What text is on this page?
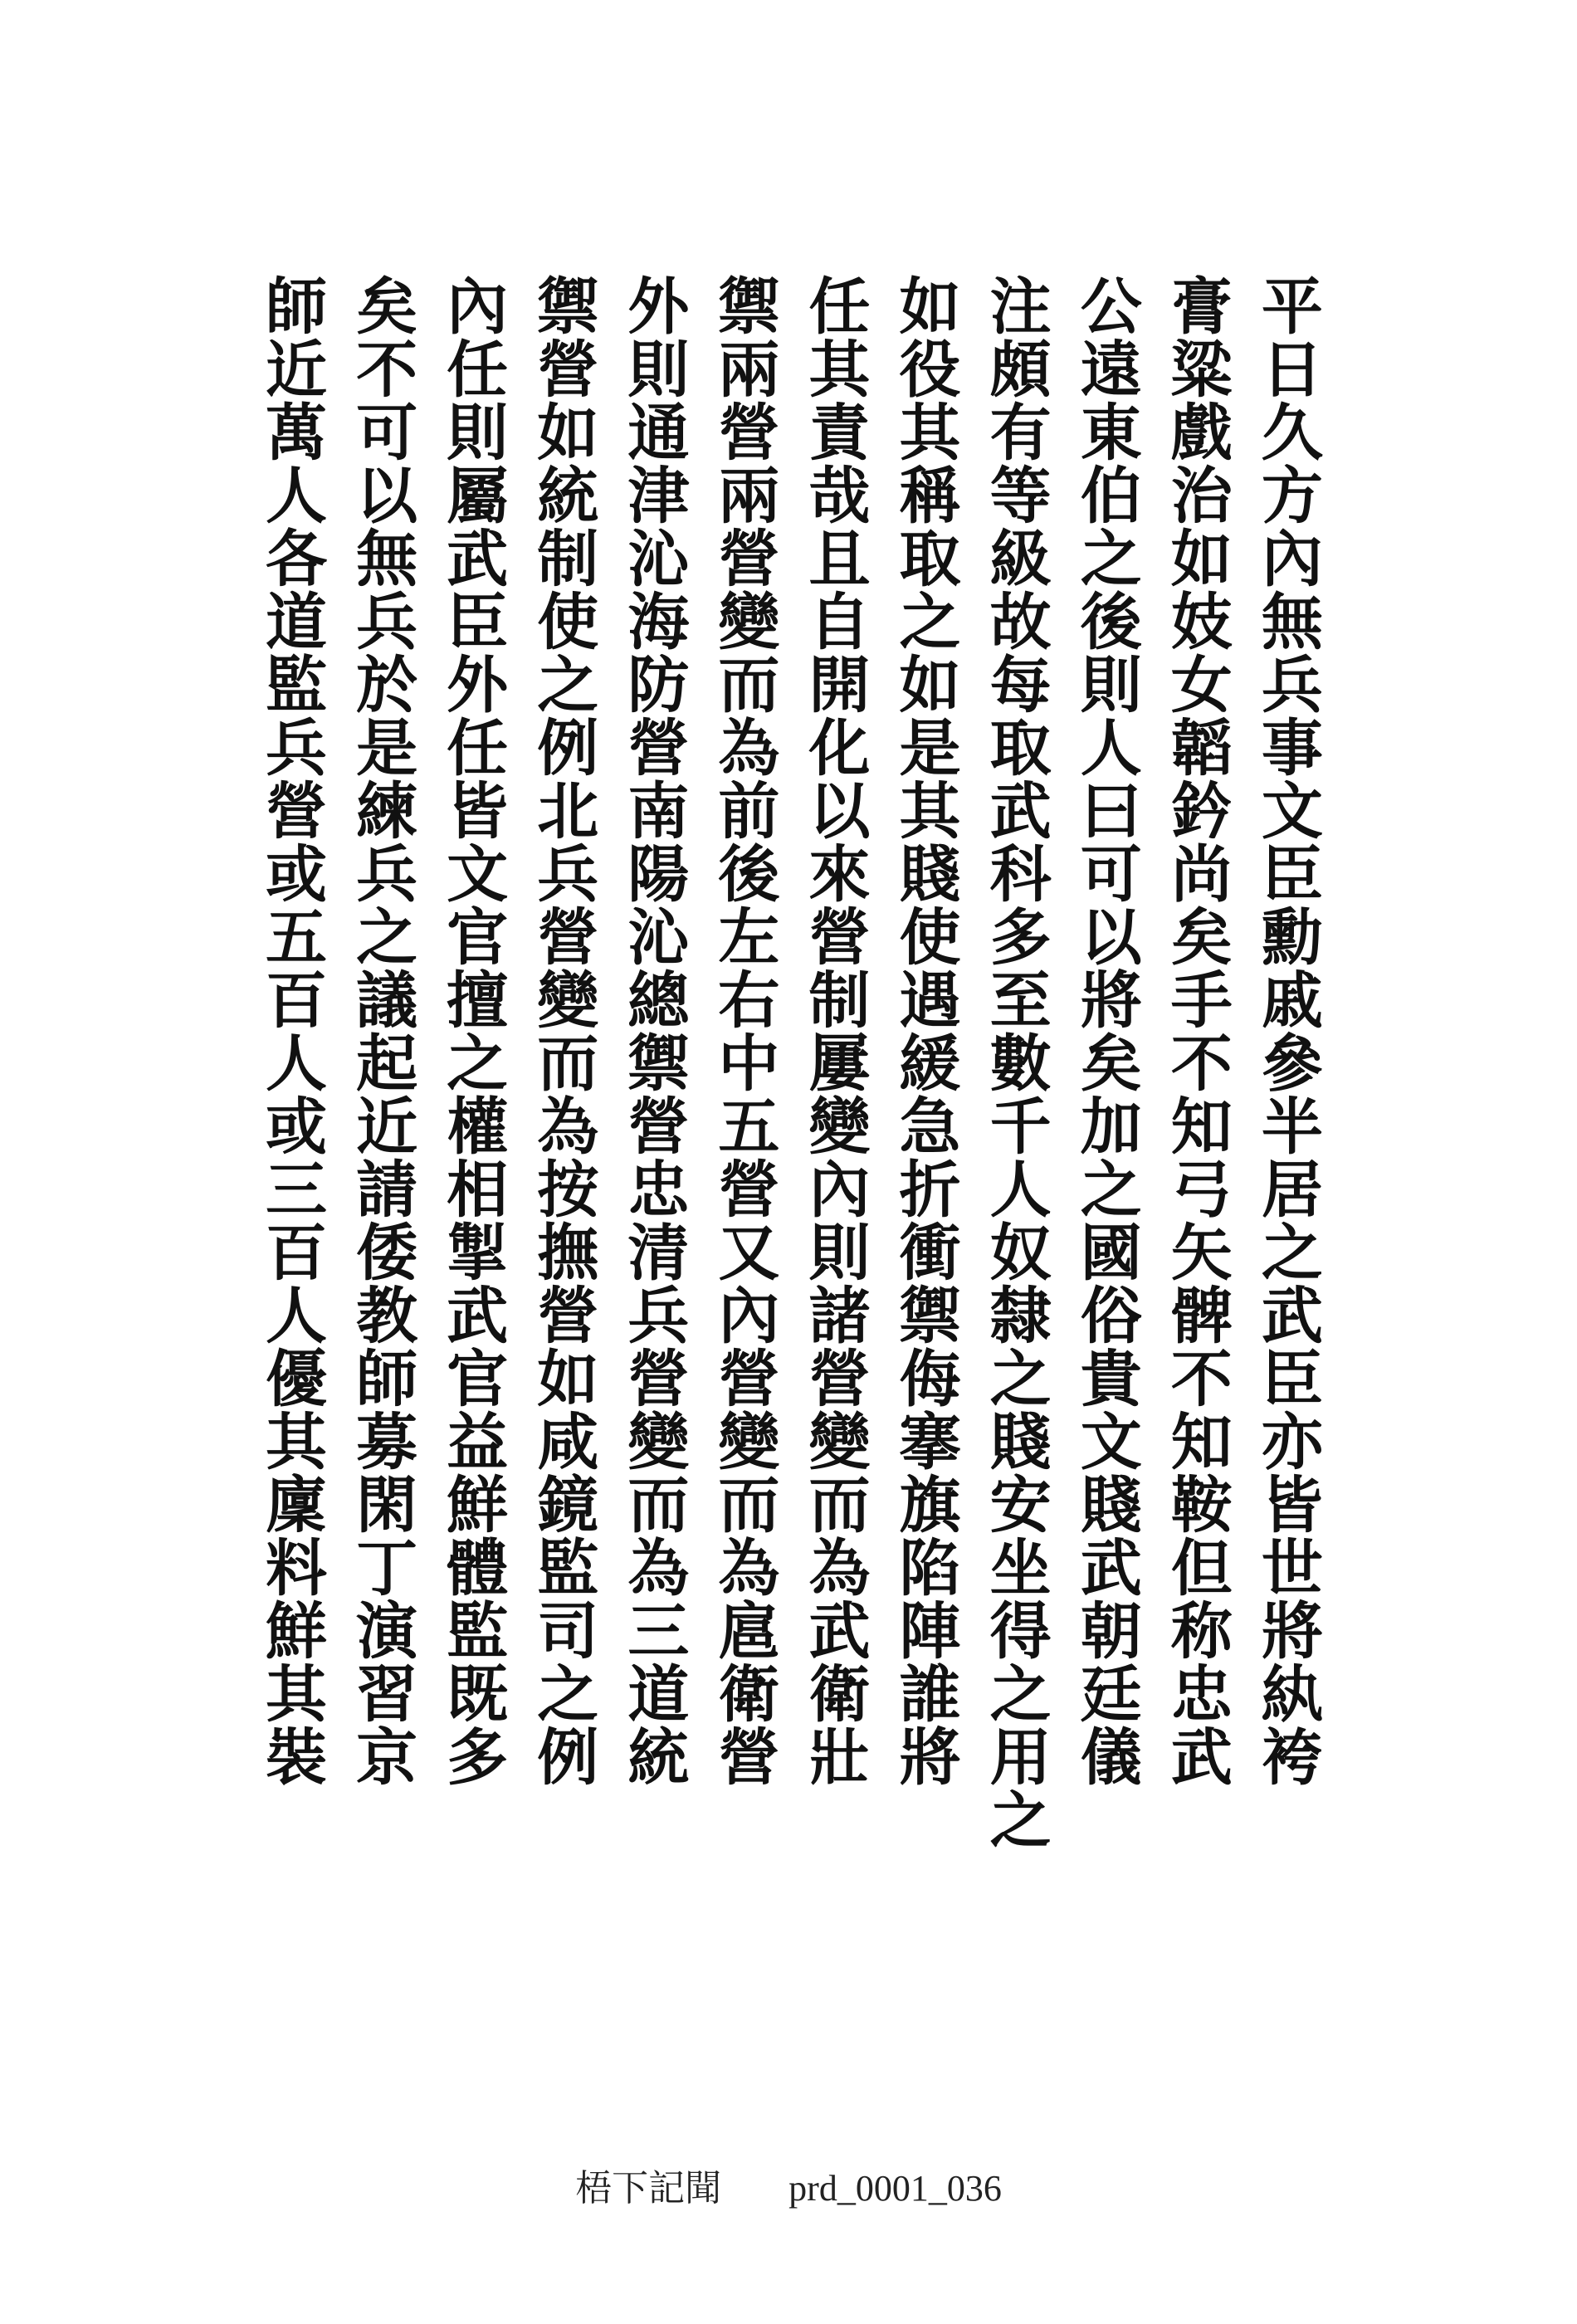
平日久方內無兵事文臣勳戚參半居之武臣亦皆世將紈袴
膏粱戲治如妓女韜鈐尚矣手不知弓矢髀不知鞍但称忠武
公遠東伯之後則人曰可以將矣加之國俗貴文賤武朝廷儀
注頗有等級故每取武科多至數千人奴隸之賤安坐得之用之
如役其稱取之如是其賤使遇緩急折衝禦侮搴旗陷陣誰將
任其責哉且自開化以來營制屢變內則諸營變而為武衛壯
禦兩營兩營變而為前後左右中五營又內營變而為扈衛營
外則通津沁海防營南陽沁總禦營忠清兵營變而為三道統
禦營如統制使之例北兵營變而為按撫營如咸鏡監司之例
內任則屬武臣外任皆文官擅之權相掣武官益鮮體監既多
矣不可以無兵於是練兵之議起近請倭教師募閑丁演習京
師近萬人各道監兵營或五百人或三百人優其廩料鮮其裝
梧下記聞 prd_0001_036
